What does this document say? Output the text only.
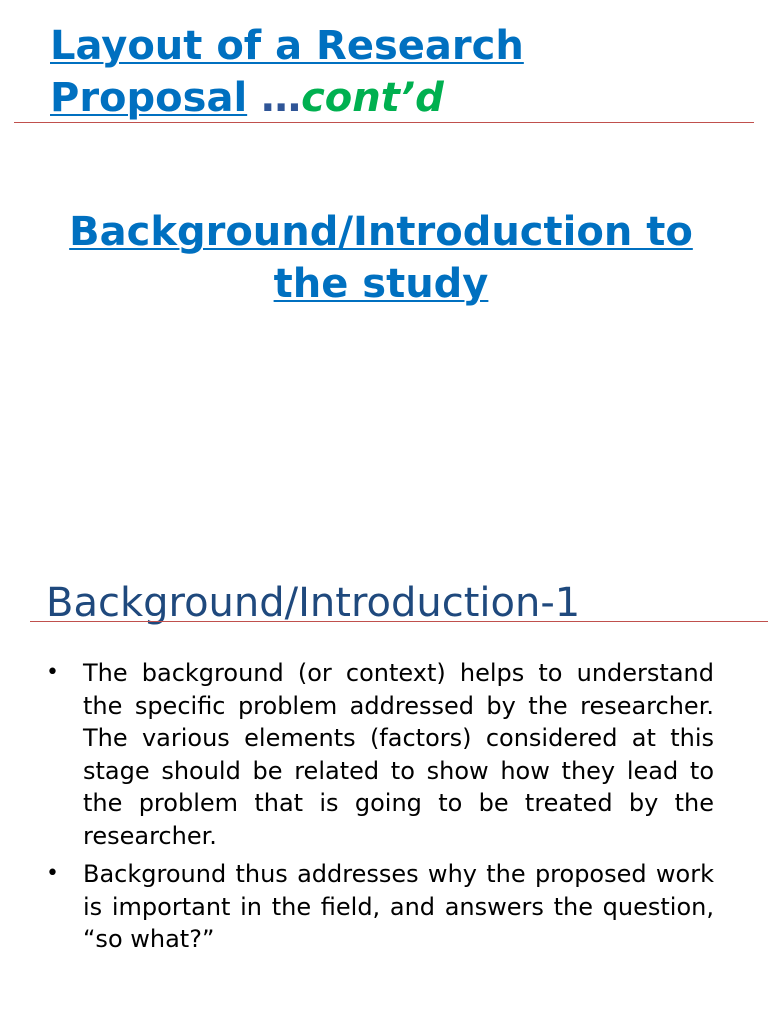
Layout of a Research
Proposal …cont’d
Background/Introduction to the study
Background/Introduction-1
• The background (or context) helps to understand the specific problem addressed by the researcher. The various elements (factors) considered at this stage should be related to show how they lead to the problem that is going to be treated by the researcher.
• Background thus addresses why the proposed work is important in the field, and answers the question, “so what?”
